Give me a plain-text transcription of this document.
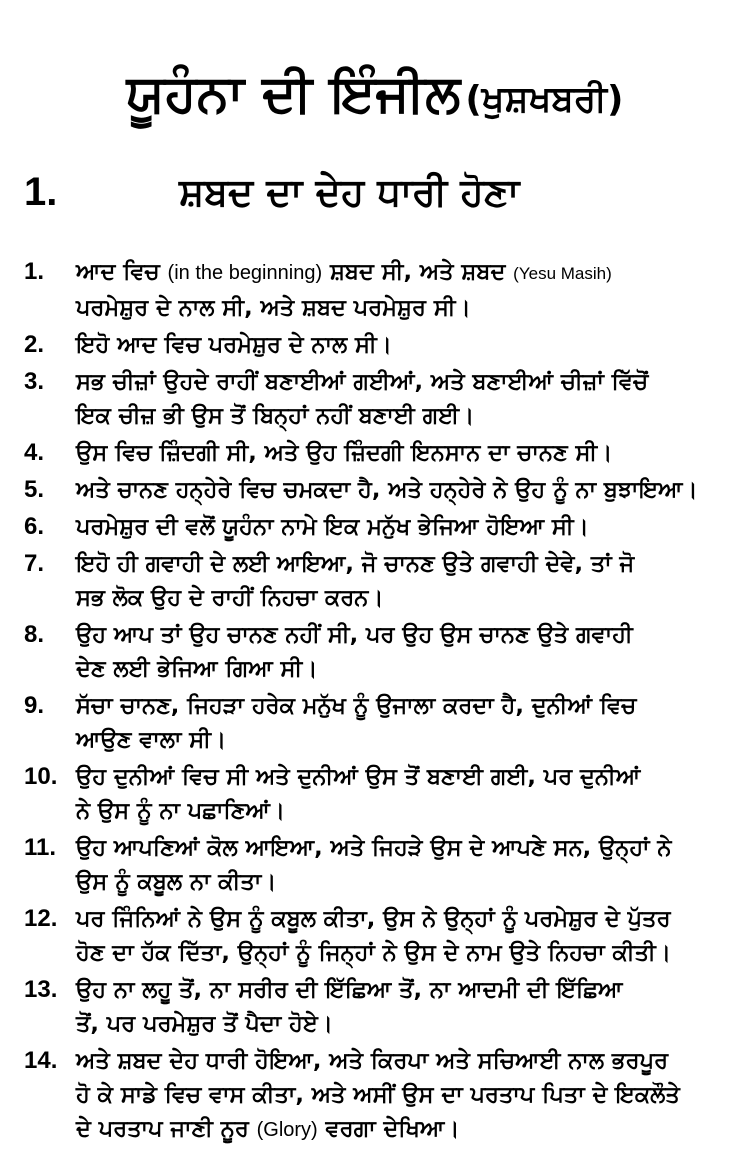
ਯੂਹੰਨਾ ਦੀ ਇੰਜੀਲ (ਖੁਸ਼ਖਬਰੀ)
1.	ਸ਼ਬਦ ਦਾ ਦੇਹ ਧਾਰੀ ਹੋਣਾ
1. ਆਦ ਵਿਚ (in the beginning) ਸ਼ਬਦ ਸੀ, ਅਤੇ ਸ਼ਬਦ (Yesu Masih)
ਪਰਮੇਸ਼ੁਰ ਦੇ ਨਾਲ ਸੀ, ਅਤੇ ਸ਼ਬਦ ਪਰਮੇਸ਼ੁਰ ਸੀ।
2. ਇਹੋ ਆਦ ਵਿਚ ਪਰਮੇਸ਼ੁਰ ਦੇ ਨਾਲ ਸੀ।
3. ਸਭ ਚੀਜ਼ਾਂ ਉਹਦੇ ਰਾਹੀਂ ਬਣਾਈਆਂ ਗਈਆਂ, ਅਤੇ ਬਣਾਈਆਂ ਚੀਜ਼ਾਂ ਵਿੱਚੋਂ
ਇਕ ਚੀਜ਼ ਭੀ ਉਸ ਤੋਂ ਬਿਨ੍ਹਾਂ ਨਹੀਂ ਬਣਾਈ ਗਈ।
4. ਉਸ ਵਿਚ ਜ਼ਿੰਦਗੀ ਸੀ, ਅਤੇ ਉਹ ਜ਼ਿੰਦਗੀ ਇਨਸਾਨ ਦਾ ਚਾਨਣ ਸੀ।
5. ਅਤੇ ਚਾਨਣ ਹਨ੍ਹੇਰੇ ਵਿਚ ਚਮਕਦਾ ਹੈ, ਅਤੇ ਹਨ੍ਹੇਰੇ ਨੇ ਉਹ ਨੂੰ ਨਾ ਬੁਝਾਇਆ।
6. ਪਰਮੇਸ਼ੁਰ ਦੀ ਵਲੋਂ ਯੂਹੰਨਾ ਨਾਮੇ ਇਕ ਮਨੁੱਖ ਭੇਜਿਆ ਹੋਇਆ ਸੀ।
7. ਇਹੋ ਹੀ ਗਵਾਹੀ ਦੇ ਲਈ ਆਇਆ, ਜੋ ਚਾਨਣ ਉਤੇ ਗਵਾਹੀ ਦੇਵੇ, ਤਾਂ ਜੋ
ਸਭ ਲੋਕ ਉਹ ਦੇ ਰਾਹੀਂ ਨਿਹਚਾ ਕਰਨ।
8. ਉਹ ਆਪ ਤਾਂ ਉਹ ਚਾਨਣ ਨਹੀਂ ਸੀ, ਪਰ ਉਹ ਉਸ ਚਾਨਣ ਉਤੇ ਗਵਾਹੀ
ਦੇਣ ਲਈ ਭੇਜਿਆ ਗਿਆ ਸੀ।
9. ਸੱਚਾ ਚਾਨਣ, ਜਿਹੜਾ ਹਰੇਕ ਮਨੁੱਖ ਨੂੰ ਉਜਾਲਾ ਕਰਦਾ ਹੈ, ਦੁਨੀਆਂ ਵਿਚ
ਆਉਣ ਵਾਲਾ ਸੀ।
10. ਉਹ ਦੁਨੀਆਂ ਵਿਚ ਸੀ ਅਤੇ ਦੁਨੀਆਂ ਉਸ ਤੋਂ ਬਣਾਈ ਗਈ, ਪਰ ਦੁਨੀਆਂ
ਨੇ ਉਸ ਨੂੰ ਨਾ ਪਛਾਣਿਆਂ।
11. ਉਹ ਆਪਣਿਆਂ ਕੋਲ ਆਇਆ, ਅਤੇ ਜਿਹੜੇ ਉਸ ਦੇ ਆਪਣੇ ਸਨ, ਉਨ੍ਹਾਂ ਨੇ
ਉਸ ਨੂੰ ਕਬੂਲ ਨਾ ਕੀਤਾ।
12. ਪਰ ਜਿੰਨਿਆਂ ਨੇ ਉਸ ਨੂੰ ਕਬੂਲ ਕੀਤਾ, ਉਸ ਨੇ ਉਨ੍ਹਾਂ ਨੂੰ ਪਰਮੇਸ਼ੁਰ ਦੇ ਪੁੱਤਰ
ਹੋਣ ਦਾ ਹੱਕ ਦਿੱਤਾ, ਉਨ੍ਹਾਂ ਨੂੰ ਜਿਨ੍ਹਾਂ ਨੇ ਉਸ ਦੇ ਨਾਮ ਉਤੇ ਨਿਹਚਾ ਕੀਤੀ।
13. ਉਹ ਨਾ ਲਹੂ ਤੋਂ, ਨਾ ਸਰੀਰ ਦੀ ਇੱਛਿਆ ਤੋਂ, ਨਾ ਆਦਮੀ ਦੀ ਇੱਛਿਆ
ਤੋਂ, ਪਰ ਪਰਮੇਸ਼ੁਰ ਤੋਂ ਪੈਦਾ ਹੋਏ।
14. ਅਤੇ ਸ਼ਬਦ ਦੇਹ ਧਾਰੀ ਹੋਇਆ, ਅਤੇ ਕਿਰਪਾ ਅਤੇ ਸਚਿਆਈ ਨਾਲ ਭਰਪੂਰ
ਹੋ ਕੇ ਸਾਡੇ ਵਿਚ ਵਾਸ ਕੀਤਾ, ਅਤੇ ਅਸੀਂ ਉਸ ਦਾ ਪਰਤਾਪ ਪਿਤਾ ਦੇ ਇਕਲੌਤੇ
ਦੇ ਪਰਤਾਪ ਜਾਣੀ ਨੂਰ (Glory) ਵਰਗਾ ਦੇਖਿਆ।
